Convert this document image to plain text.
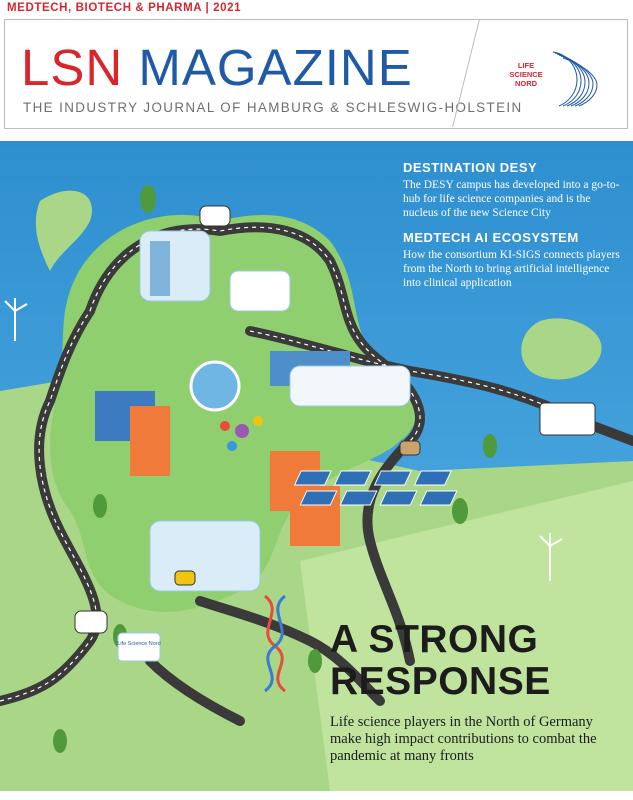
MEDTECH, BIOTECH & PHARMA | 2021
LSN MAGAZINE
THE INDUSTRY JOURNAL OF HAMBURG & SCHLESWIG-HOLSTEIN
LIFE
SCIENCE
NORD
Life Science Nord
DESTINATION DESY
The DESY campus has developed into a go-to-hub for life science companies and is the nucleus of the new Science City
MEDTECH AI ECOSYSTEM
How the consortium KI-SIGS connects players from the North to bring artificial intelligence into clinical application
A STRONG
RESPONSE
Life science players in the North of Germany make high impact contributions to combat the pandemic at many fronts
